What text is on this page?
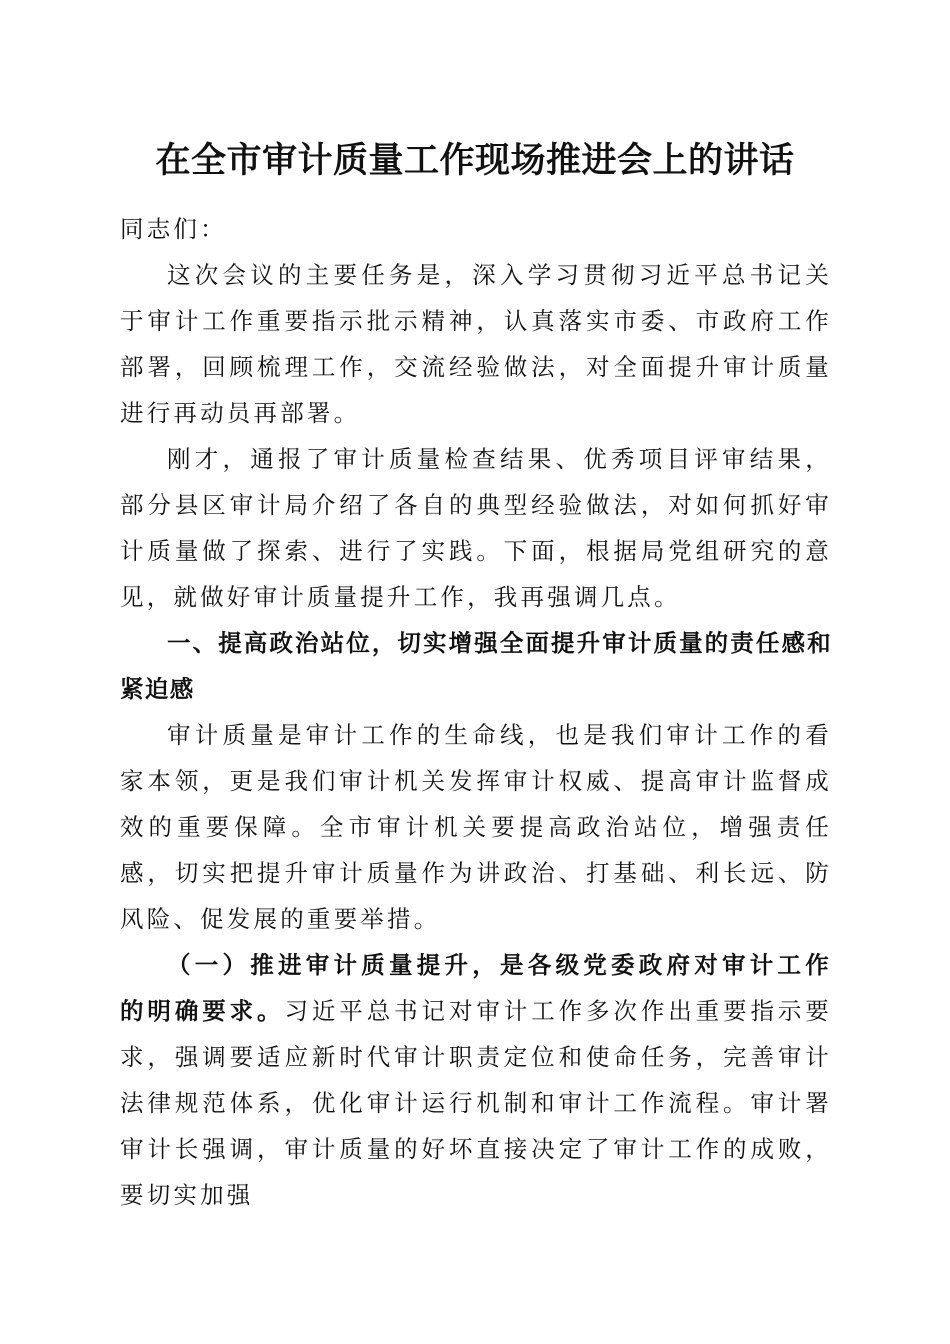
在全市审计质量工作现场推进会上的讲话

同志们：

这次会议的主要任务是，深入学习贯彻习近平总书记关于审计工作重要指示批示精神，认真落实市委、市政府工作部署，回顾梳理工作，交流经验做法，对全面提升审计质量进行再动员再部署。

刚才，通报了审计质量检查结果、优秀项目评审结果，部分县区审计局介绍了各自的典型经验做法，对如何抓好审计质量做了探索、进行了实践。下面，根据局党组研究的意见，就做好审计质量提升工作，我再强调几点。

一、提高政治站位，切实增强全面提升审计质量的责任感和紧迫感

审计质量是审计工作的生命线，也是我们审计工作的看家本领，更是我们审计机关发挥审计权威、提高审计监督成效的重要保障。全市审计机关要提高政治站位，增强责任感，切实把提升审计质量作为讲政治、打基础、利长远、防风险、促发展的重要举措。

（一）推进审计质量提升，是各级党委政府对审计工作的明确要求。习近平总书记对审计工作多次作出重要指示要求，强调要适应新时代审计职责定位和使命任务，完善审计法律规范体系，优化审计运行机制和审计工作流程。审计署审计长强调，审计质量的好坏直接决定了审计工作的成败，要切实加强
